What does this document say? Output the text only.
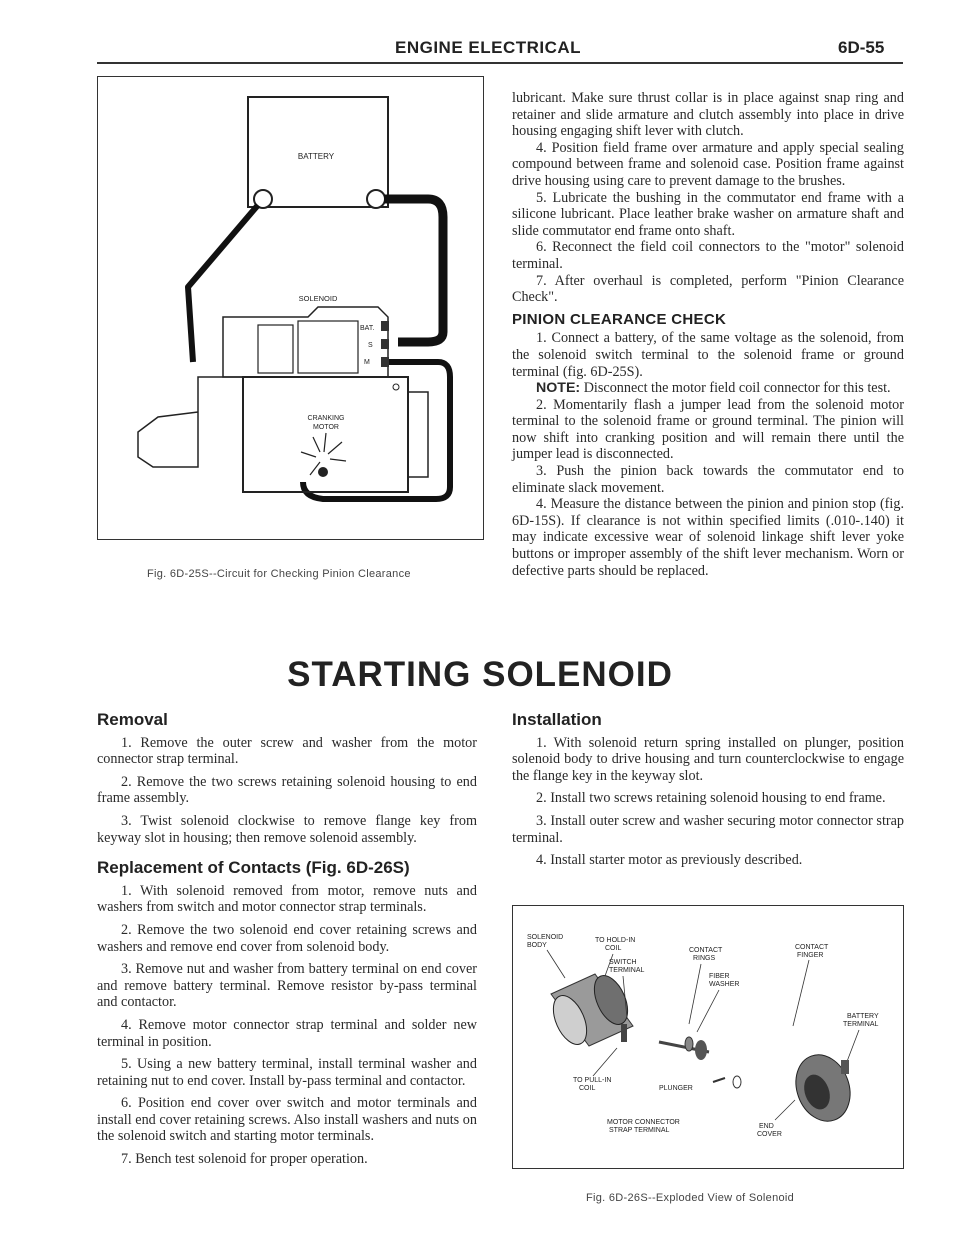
ENGINE ELECTRICAL	6D-55
BATTERY
SOLENOID
BAT.
S
M
CRANKING
MOTOR
Fig. 6D-25S--Circuit for Checking Pinion Clearance

lubricant. Make sure thrust collar is in place against snap ring and retainer and slide armature and clutch assembly into place in drive housing engaging shift lever with clutch.

4. Position field frame over armature and apply special sealing compound between frame and solenoid case. Position frame against drive housing using care to prevent damage to the brushes.

5. Lubricate the bushing in the commutator end frame with a silicone lubricant. Place leather brake washer on armature shaft and slide commutator end frame onto shaft.

6. Reconnect the field coil connectors to the "motor" solenoid terminal.

7. After overhaul is completed, perform "Pinion Clearance Check".

PINION CLEARANCE CHECK

1. Connect a battery, of the same voltage as the solenoid, from the solenoid switch terminal to the solenoid frame or ground terminal (fig. 6D-25S).

NOTE: Disconnect the motor field coil connector for this test.

2. Momentarily flash a jumper lead from the solenoid motor terminal to the solenoid frame or ground terminal. The pinion will now shift into cranking position and will remain there until the jumper lead is disconnected.

3. Push the pinion back towards the commutator end to eliminate slack movement.

4. Measure the distance between the pinion and pinion stop (fig. 6D-15S). If clearance is not within specified limits (.010-.140) it may indicate excessive wear of solenoid linkage shift lever yoke buttons or improper assembly of the shift lever mechanism. Worn or defective parts should be replaced.

STARTING SOLENOID
Removal

1. Remove the outer screw and washer from the motor connector strap terminal.

2. Remove the two screws retaining solenoid housing to end frame assembly.

3. Twist solenoid clockwise to remove flange key from keyway slot in housing; then remove solenoid assembly.

Replacement of Contacts (Fig. 6D-26S)

1. With solenoid removed from motor, remove nuts and washers from switch and motor connector strap terminals.

2. Remove the two solenoid end cover retaining screws and washers and remove end cover from solenoid body.

3. Remove nut and washer from battery terminal on end cover and remove battery terminal. Remove resistor by-pass terminal and contactor.

4. Remove motor connector strap terminal and solder new terminal in position.

5. Using a new battery terminal, install terminal washer and retaining nut to end cover. Install by-pass terminal and contactor.

6. Position end cover over switch and motor terminals and install end cover retaining screws. Also install washers and nuts on the solenoid switch and starting motor terminals.

7. Bench test solenoid for proper operation.

Installation

1. With solenoid return spring installed on plunger, position solenoid body to drive housing and turn counterclockwise to engage the flange key in the keyway slot.

2. Install two screws retaining solenoid housing to end frame.

3. Install outer screw and washer securing motor connector strap terminal.

4. Install starter motor as previously described.

SOLENOID
BODY
TO HOLD-IN
COIL
SWITCH
TERMINAL
CONTACT
RINGS
CONTACT
FINGER
FIBER
WASHER
BATTERY
TERMINAL
TO PULL-IN
COIL	PLUNGER
MOTOR CONNECTOR
STRAP TERMINAL
END
COVER
Fig. 6D-26S--Exploded View of Solenoid
